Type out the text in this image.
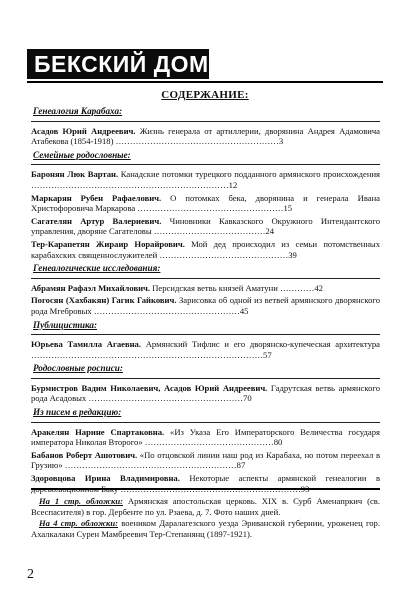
БЕКСКИЙ ДОМ
СОДЕРЖАНИЕ:
Генеалогия Карабаха:
Асадов Юрий Андреевич. Жизнь генерала от артиллерии, дворянина Андрея Адамовича Атабекова (1854-1918) …………………………………………………3
Семейные родословные:
Баронян Люк Вартан. Канадские потомки турецкого подданного армянского происхождения ……………………………………………………………12
Маркарян Рубен Рафаелович. О потомках бека, дворянина и генерала Ивана Христофоровича Маркарова ……………………………………………15
Сагателян Артур Валериевич. Чиновники Кавказского Окружного Интендантского управления, дворяне Сагателовы …………………………………24
Тер-Карапетян Жираир Норайрович. Мой дед происходил из семьи потомственных карабахских священнослужителей ………………………………………39
Генеалогические исследования:
Абрамян Рафаэл Михайлович. Персидская ветвь князей Аматуни …………42
Погосян (Хахбакян) Гагик Гайкович. Зарисовка об одной из ветвей армянского дворянского рода Мгебровых ……………………………………………45
Публицистика:
Юрьева Тамилла Агаевна. Армянский Тифлис и его дворянско-купеческая архитектура ………………………………………………………………………57
Родословные росписи:
Бурмистров Вадим Николаевич, Асадов Юрий Андреевич. Гадрутская ветвь армянского рода Асадовых ………………………………………………70
Из писем в редакцию:
Аракелян Нарине Спартаковна. «Из Указа Его Императорского Величества государя императора Николая Второго» ………………………………………80
Бабанов Роберт Ашотович. «По отцовской линии наш род из Карабаха, но потом переехал в Грузию» ……………………………………………………87
Здоровцова Ирина Владимировна. Некоторые аспекты армянской генеалогии в дореволюционном Баку ………………………………………………………93

На 1 стр. обложки: Армянская апостольская церковь. XIX в. Сурб Аменапркич (св. Всеспасителя) в гор. Дербенте по ул. Рзаева, д. 7. Фото наших дней.

На 4 стр. обложки: воеником Даралагезского уезда Эриванской губернии, уроженец гор. Ахалкалаки Сурен Мамбреевич Тер-Степанянц (1897-1921).

2
